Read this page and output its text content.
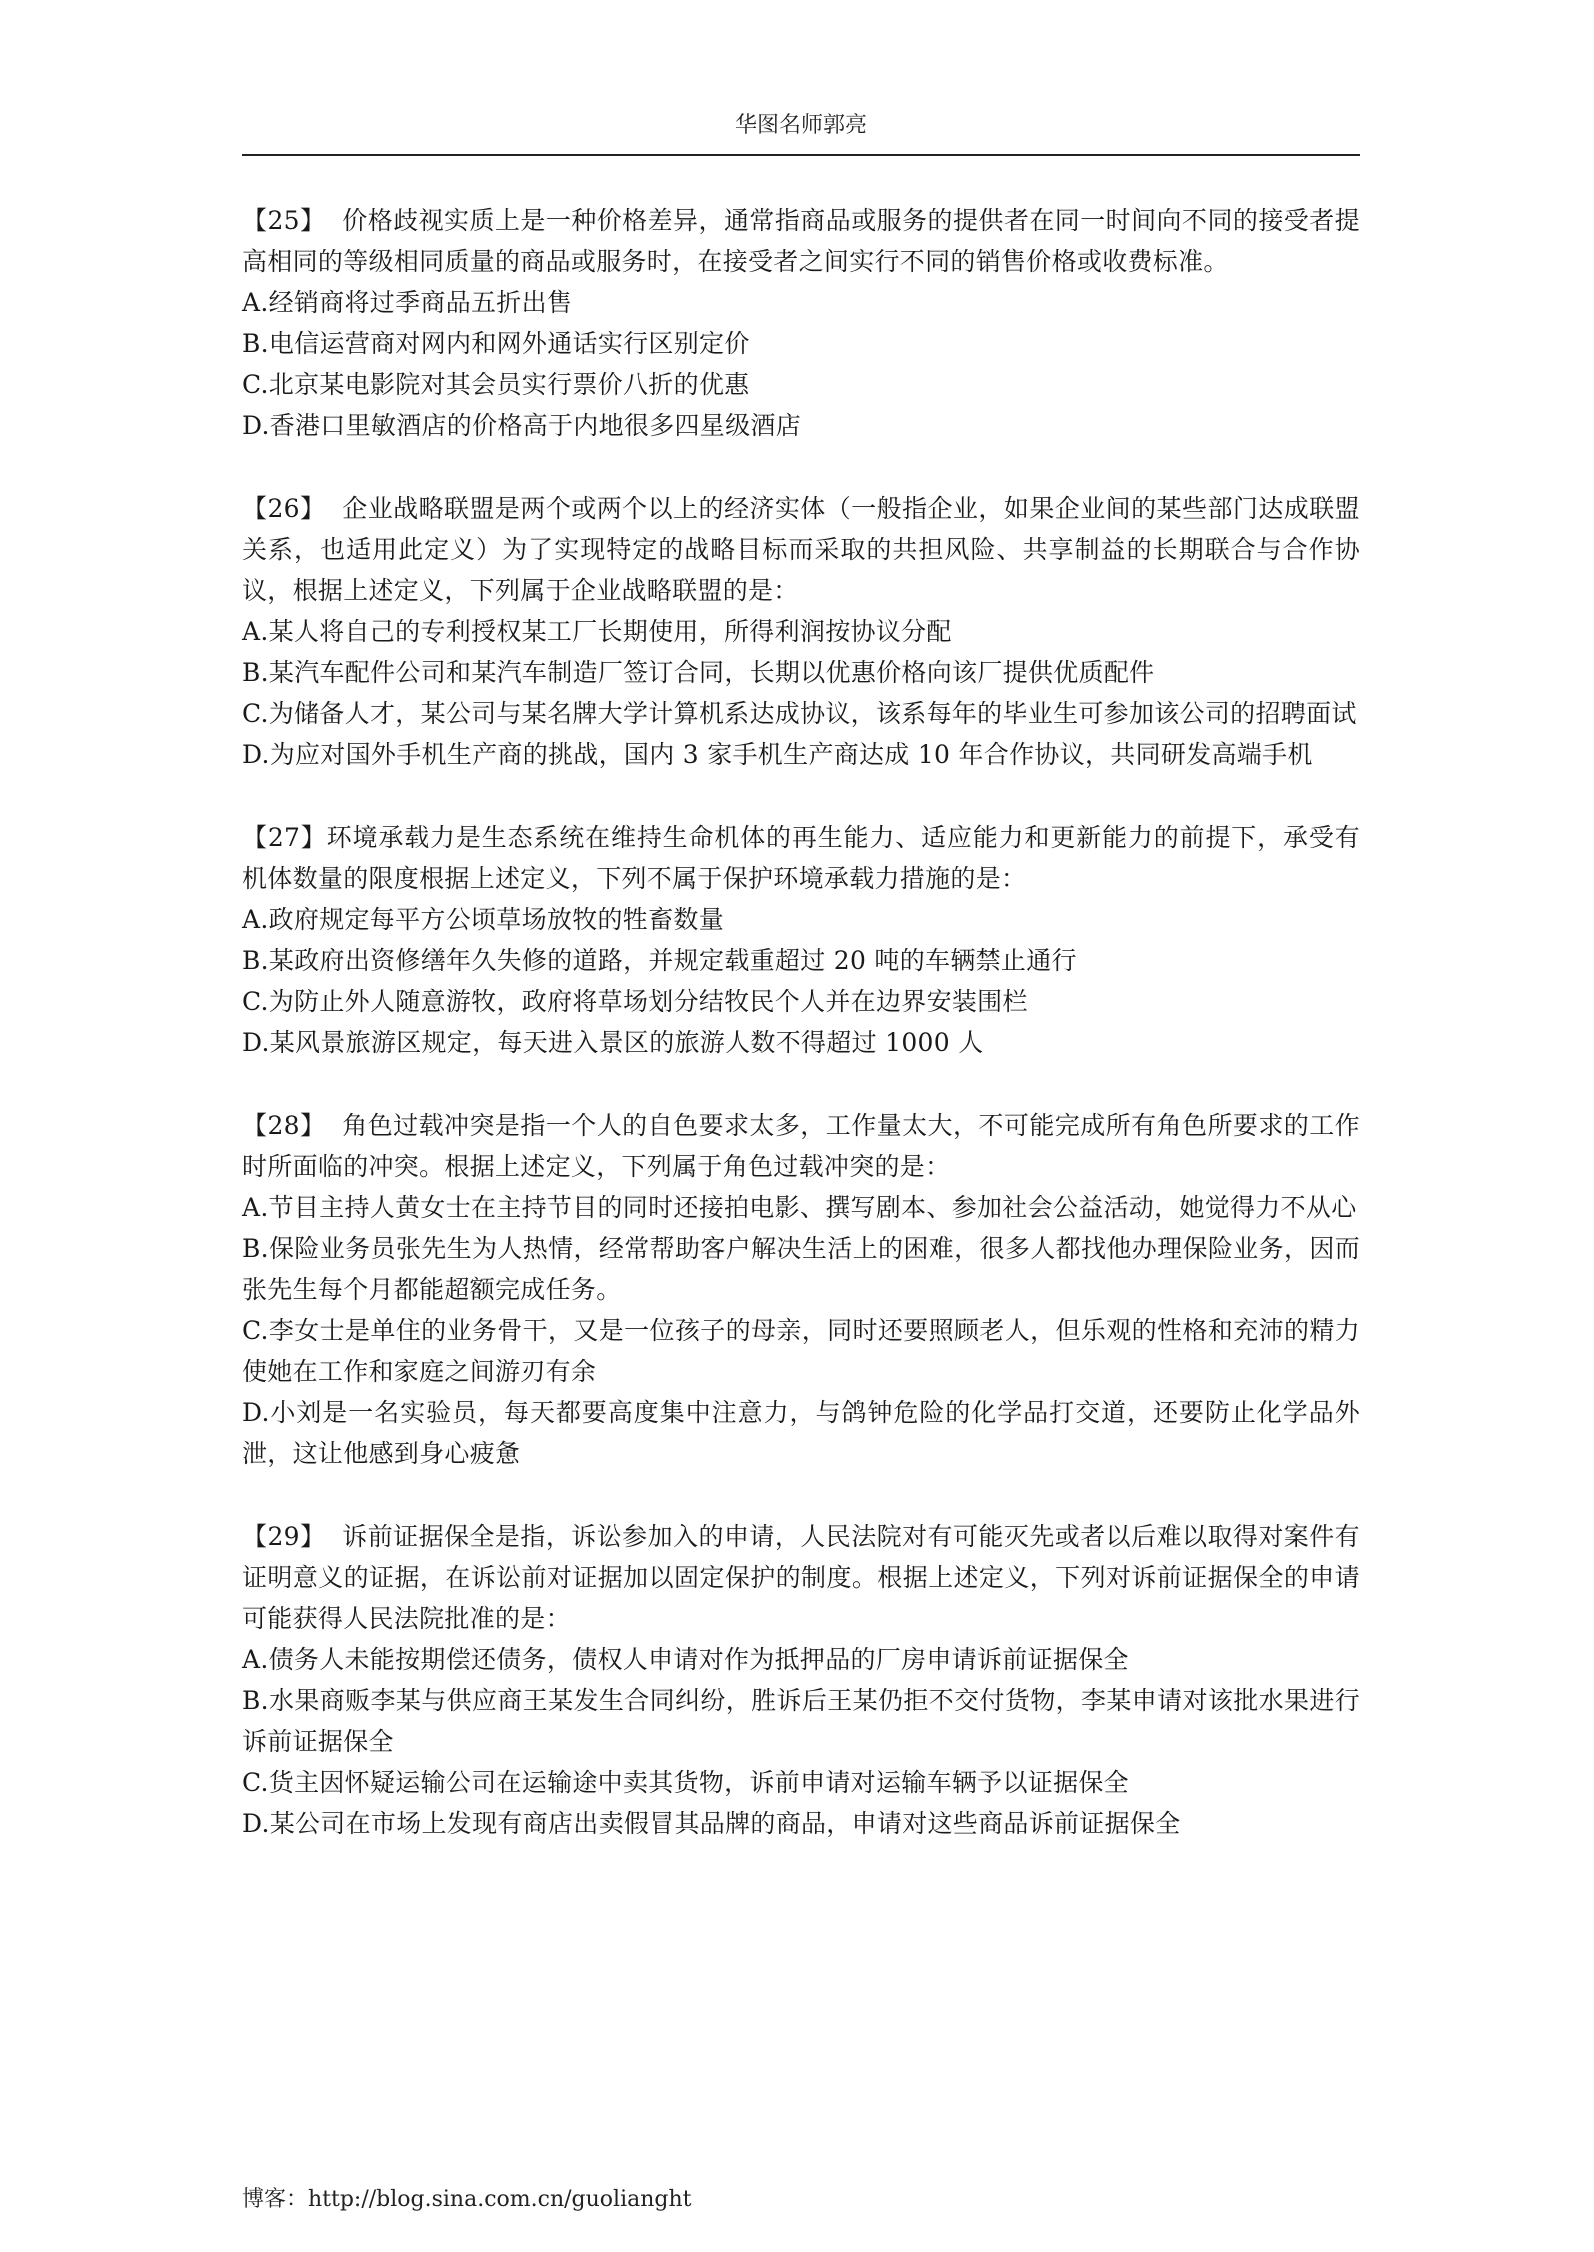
华图名师郭亮

【25】 价格歧视实质上是一种价格差异，通常指商品或服务的提供者在同一时间向不同的接受者提高相同的等级相同质量的商品或服务时，在接受者之间实行不同的销售价格或收费标准。

A.经销商将过季商品五折出售

B.电信运营商对网内和网外通话实行区别定价

C.北京某电影院对其会员实行票价八折的优惠

D.香港口里敏酒店的价格高于内地很多四星级酒店

【26】 企业战略联盟是两个或两个以上的经济实体（一般指企业，如果企业间的某些部门达成联盟关系，也适用此定义）为了实现特定的战略目标而采取的共担风险、共享制益的长期联合与合作协议，根据上述定义，下列属于企业战略联盟的是：

A.某人将自己的专利授权某工厂长期使用，所得利润按协议分配

B.某汽车配件公司和某汽车制造厂签订合同，长期以优惠价格向该厂提供优质配件

C.为储备人才，某公司与某名牌大学计算机系达成协议，该系每年的毕业生可参加该公司的招聘面试

D.为应对国外手机生产商的挑战，国内 3 家手机生产商达成 10 年合作协议，共同研发高端手机

【27】环境承载力是生态系统在维持生命机体的再生能力、适应能力和更新能力的前提下，承受有机体数量的限度根据上述定义，下列不属于保护环境承载力措施的是：

A.政府规定每平方公顷草场放牧的牲畜数量

B.某政府出资修缮年久失修的道路，并规定载重超过 20 吨的车辆禁止通行

C.为防止外人随意游牧，政府将草场划分结牧民个人并在边界安装围栏

D.某风景旅游区规定，每天进入景区的旅游人数不得超过 1000 人

【28】 角色过载冲突是指一个人的自色要求太多，工作量太大，不可能完成所有角色所要求的工作时所面临的冲突。根据上述定义，下列属于角色过载冲突的是：

A.节目主持人黄女士在主持节目的同时还接拍电影、撰写剧本、参加社会公益活动，她觉得力不从心

B.保险业务员张先生为人热情，经常帮助客户解决生活上的困难，很多人都找他办理保险业务，因而张先生每个月都能超额完成任务。

C.李女士是单住的业务骨干，又是一位孩子的母亲，同时还要照顾老人，但乐观的性格和充沛的精力使她在工作和家庭之间游刃有余

D.小刘是一名实验员，每天都要高度集中注意力，与鸽钟危险的化学品打交道，还要防止化学品外泄，这让他感到身心疲惫

【29】 诉前证据保全是指，诉讼参加入的申请，人民法院对有可能灭先或者以后难以取得对案件有证明意义的证据，在诉讼前对证据加以固定保护的制度。根据上述定义，下列对诉前证据保全的申请可能获得人民法院批准的是：

A.债务人未能按期偿还债务，债权人申请对作为抵押品的厂房申请诉前证据保全

B.水果商贩李某与供应商王某发生合同纠纷，胜诉后王某仍拒不交付货物，李某申请对该批水果进行诉前证据保全

C.货主因怀疑运输公司在运输途中卖其货物，诉前申请对运输车辆予以证据保全

D.某公司在市场上发现有商店出卖假冒其品牌的商品，申请对这些商品诉前证据保全

博客：http://blog.sina.com.cn/guolianght
